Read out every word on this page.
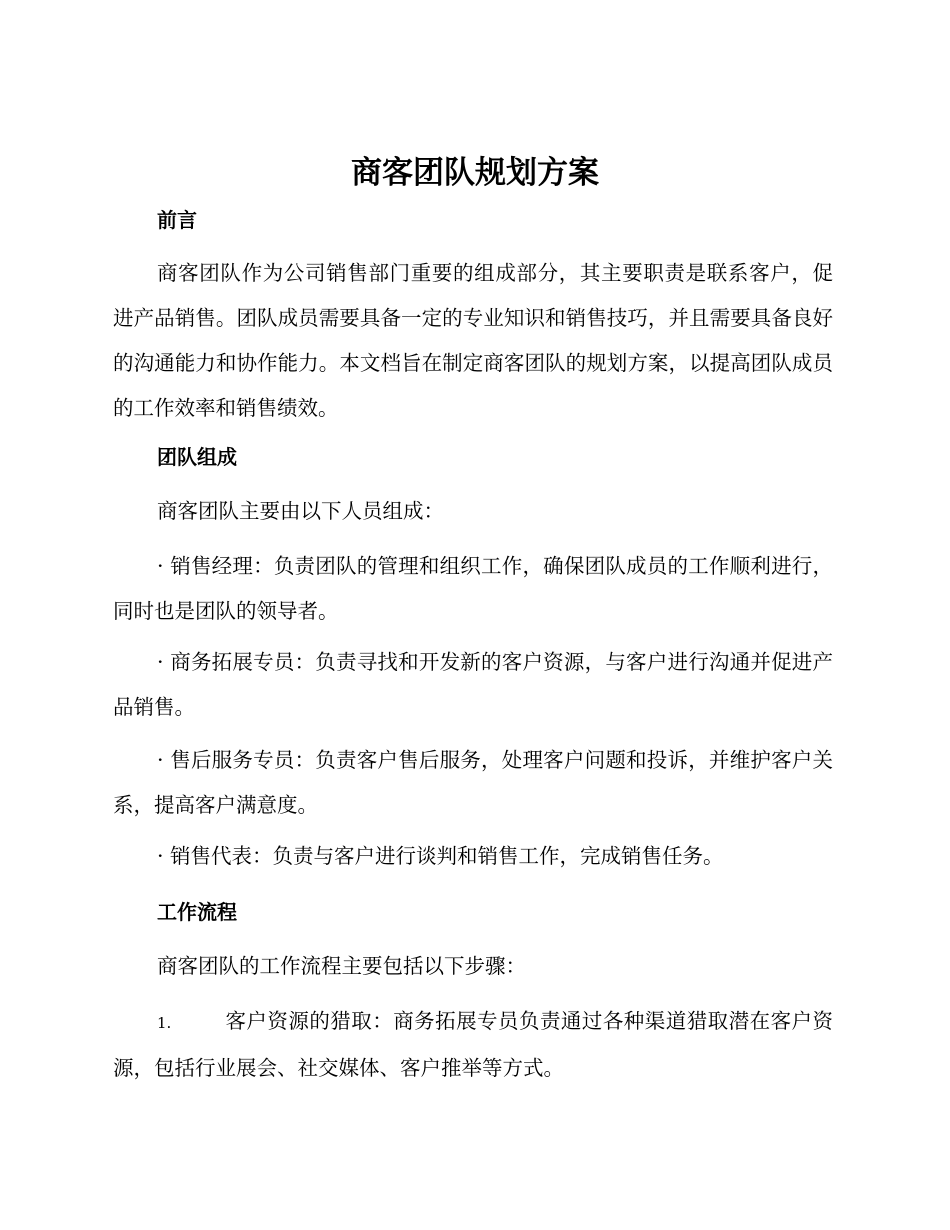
商客团队规划方案
前言

商客团队作为公司销售部门重要的组成部分，其主要职责是联系客户，促进产品销售。团队成员需要具备一定的专业知识和销售技巧，并且需要具备良好的沟通能力和协作能力。本文档旨在制定商客团队的规划方案，以提高团队成员的工作效率和销售绩效。

团队组成

商客团队主要由以下人员组成：

· 销售经理：负责团队的管理和组织工作，确保团队成员的工作顺利进行，同时也是团队的领导者。

· 商务拓展专员：负责寻找和开发新的客户资源，与客户进行沟通并促进产品销售。

· 售后服务专员：负责客户售后服务，处理客户问题和投诉，并维护客户关系，提高客户满意度。

· 销售代表：负责与客户进行谈判和销售工作，完成销售任务。

工作流程

商客团队的工作流程主要包括以下步骤：

1.	客户资源的猎取：商务拓展专员负责通过各种渠道猎取潜在客户资源，包括行业展会、社交媒体、客户推举等方式。
